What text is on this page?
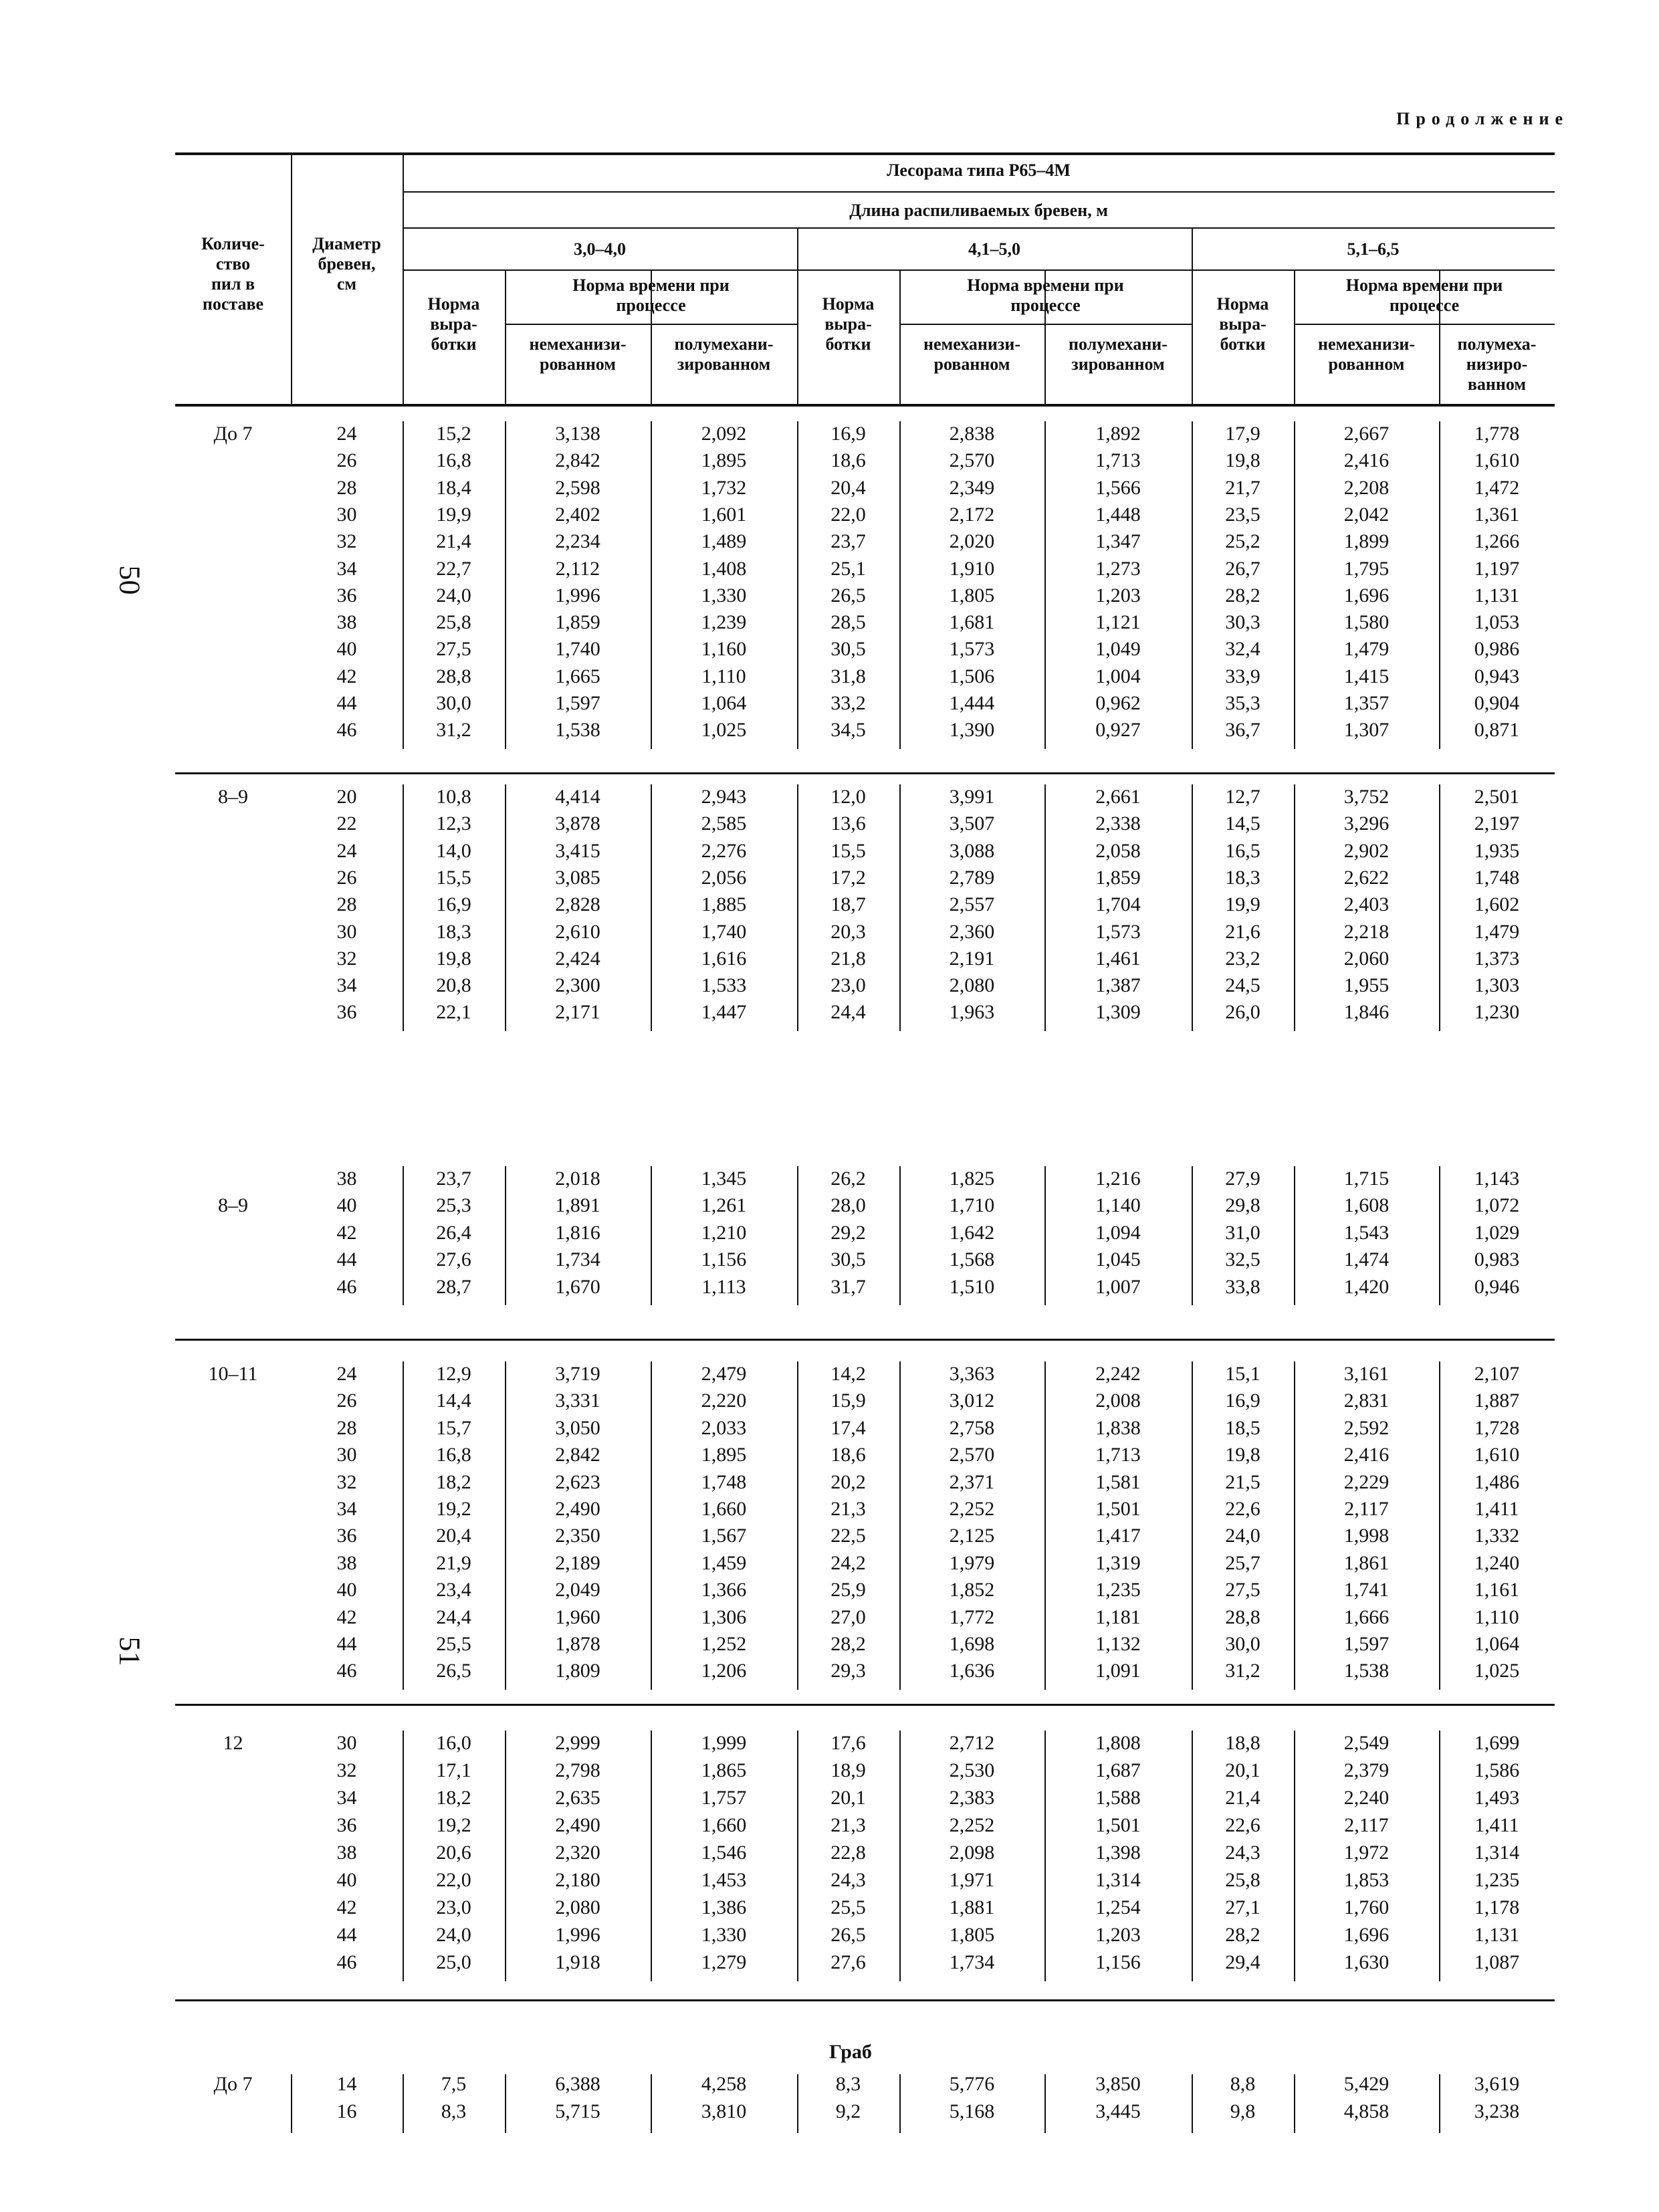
Продолжение
50
51
Количе-
ство
пил в
поставе
Диаметр
бревен,
см
Лесорама типа Р65–4М
Длина распиливаемых бревен, м
3,0–4,0
Норма
выра-
ботки
Норма времени при
процессе
немеханизи-
рованном
полумехани-
зированном
4,1–5,0
Норма
выра-
ботки
Норма времени при
процессе
немеханизи-
рованном
полумехани-
зированном
5,1–6,5
Норма
выра-
ботки
Норма времени при
процессе
немеханизи-
рованном
полумеха-
низиро-
ванном
До 7	24	15,2	3,138	2,092	16,9	2,838	1,892	17,9	2,667	1,778
26	16,8	2,842	1,895	18,6	2,570	1,713	19,8	2,416	1,610
28	18,4	2,598	1,732	20,4	2,349	1,566	21,7	2,208	1,472
30	19,9	2,402	1,601	22,0	2,172	1,448	23,5	2,042	1,361
32	21,4	2,234	1,489	23,7	2,020	1,347	25,2	1,899	1,266
34	22,7	2,112	1,408	25,1	1,910	1,273	26,7	1,795	1,197
36	24,0	1,996	1,330	26,5	1,805	1,203	28,2	1,696	1,131
38	25,8	1,859	1,239	28,5	1,681	1,121	30,3	1,580	1,053
40	27,5	1,740	1,160	30,5	1,573	1,049	32,4	1,479	0,986
42	28,8	1,665	1,110	31,8	1,506	1,004	33,9	1,415	0,943
44	30,0	1,597	1,064	33,2	1,444	0,962	35,3	1,357	0,904
46	31,2	1,538	1,025	34,5	1,390	0,927	36,7	1,307	0,871
8–9	20	10,8	4,414	2,943	12,0	3,991	2,661	12,7	3,752	2,501
22	12,3	3,878	2,585	13,6	3,507	2,338	14,5	3,296	2,197
24	14,0	3,415	2,276	15,5	3,088	2,058	16,5	2,902	1,935
26	15,5	3,085	2,056	17,2	2,789	1,859	18,3	2,622	1,748
28	16,9	2,828	1,885	18,7	2,557	1,704	19,9	2,403	1,602
30	18,3	2,610	1,740	20,3	2,360	1,573	21,6	2,218	1,479
32	19,8	2,424	1,616	21,8	2,191	1,461	23,2	2,060	1,373
34	20,8	2,300	1,533	23,0	2,080	1,387	24,5	1,955	1,303
36	22,1	2,171	1,447	24,4	1,963	1,309	26,0	1,846	1,230
8–9
38	23,7	2,018	1,345	26,2	1,825	1,216	27,9	1,715	1,143
40	25,3	1,891	1,261	28,0	1,710	1,140	29,8	1,608	1,072
42	26,4	1,816	1,210	29,2	1,642	1,094	31,0	1,543	1,029
44	27,6	1,734	1,156	30,5	1,568	1,045	32,5	1,474	0,983
46	28,7	1,670	1,113	31,7	1,510	1,007	33,8	1,420	0,946
10–11	24	12,9	3,719	2,479	14,2	3,363	2,242	15,1	3,161	2,107
26	14,4	3,331	2,220	15,9	3,012	2,008	16,9	2,831	1,887
28	15,7	3,050	2,033	17,4	2,758	1,838	18,5	2,592	1,728
30	16,8	2,842	1,895	18,6	2,570	1,713	19,8	2,416	1,610
32	18,2	2,623	1,748	20,2	2,371	1,581	21,5	2,229	1,486
34	19,2	2,490	1,660	21,3	2,252	1,501	22,6	2,117	1,411
36	20,4	2,350	1,567	22,5	2,125	1,417	24,0	1,998	1,332
38	21,9	2,189	1,459	24,2	1,979	1,319	25,7	1,861	1,240
40	23,4	2,049	1,366	25,9	1,852	1,235	27,5	1,741	1,161
42	24,4	1,960	1,306	27,0	1,772	1,181	28,8	1,666	1,110
44	25,5	1,878	1,252	28,2	1,698	1,132	30,0	1,597	1,064
46	26,5	1,809	1,206	29,3	1,636	1,091	31,2	1,538	1,025
12	30	16,0	2,999	1,999	17,6	2,712	1,808	18,8	2,549	1,699
32	17,1	2,798	1,865	18,9	2,530	1,687	20,1	2,379	1,586
34	18,2	2,635	1,757	20,1	2,383	1,588	21,4	2,240	1,493
36	19,2	2,490	1,660	21,3	2,252	1,501	22,6	2,117	1,411
38	20,6	2,320	1,546	22,8	2,098	1,398	24,3	1,972	1,314
40	22,0	2,180	1,453	24,3	1,971	1,314	25,8	1,853	1,235
42	23,0	2,080	1,386	25,5	1,881	1,254	27,1	1,760	1,178
44	24,0	1,996	1,330	26,5	1,805	1,203	28,2	1,696	1,131
46	25,0	1,918	1,279	27,6	1,734	1,156	29,4	1,630	1,087
Граб
До 7	14	7,5	6,388	4,258	8,3	5,776	3,850	8,8	5,429	3,619
16	8,3	5,715	3,810	9,2	5,168	3,445	9,8	4,858	3,238
